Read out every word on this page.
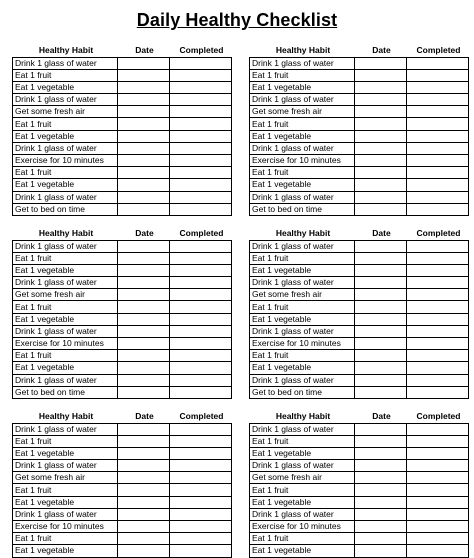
Daily Healthy Checklist
Healthy Habit	Date	Completed
Drink 1 glass of water		
Eat 1 fruit		
Eat 1 vegetable		
Drink 1 glass of water		
Get some fresh air		
Eat 1 fruit		
Eat 1 vegetable		
Drink 1 glass of water		
Exercise for 10 minutes		
Eat 1 fruit		
Eat 1 vegetable		
Drink 1 glass of water		
Get to bed on time		
Healthy Habit	Date	Completed
Drink 1 glass of water		
Eat 1 fruit		
Eat 1 vegetable		
Drink 1 glass of water		
Get some fresh air		
Eat 1 fruit		
Eat 1 vegetable		
Drink 1 glass of water		
Exercise for 10 minutes		
Eat 1 fruit		
Eat 1 vegetable		
Drink 1 glass of water		
Get to bed on time		
Healthy Habit	Date	Completed
Drink 1 glass of water		
Eat 1 fruit		
Eat 1 vegetable		
Drink 1 glass of water		
Get some fresh air		
Eat 1 fruit		
Eat 1 vegetable		
Drink 1 glass of water		
Exercise for 10 minutes		
Eat 1 fruit		
Eat 1 vegetable		
Drink 1 glass of water		
Get to bed on time		
Healthy Habit	Date	Completed
Drink 1 glass of water		
Eat 1 fruit		
Eat 1 vegetable		
Drink 1 glass of water		
Get some fresh air		
Eat 1 fruit		
Eat 1 vegetable		
Drink 1 glass of water		
Exercise for 10 minutes		
Eat 1 fruit		
Eat 1 vegetable		
Drink 1 glass of water		
Get to bed on time		
Healthy Habit	Date	Completed
Drink 1 glass of water		
Eat 1 fruit		
Eat 1 vegetable		
Drink 1 glass of water		
Get some fresh air		
Eat 1 fruit		
Eat 1 vegetable		
Drink 1 glass of water		
Exercise for 10 minutes		
Eat 1 fruit		
Eat 1 vegetable		
Healthy Habit	Date	Completed
Drink 1 glass of water		
Eat 1 fruit		
Eat 1 vegetable		
Drink 1 glass of water		
Get some fresh air		
Eat 1 fruit		
Eat 1 vegetable		
Drink 1 glass of water		
Exercise for 10 minutes		
Eat 1 fruit		
Eat 1 vegetable		
